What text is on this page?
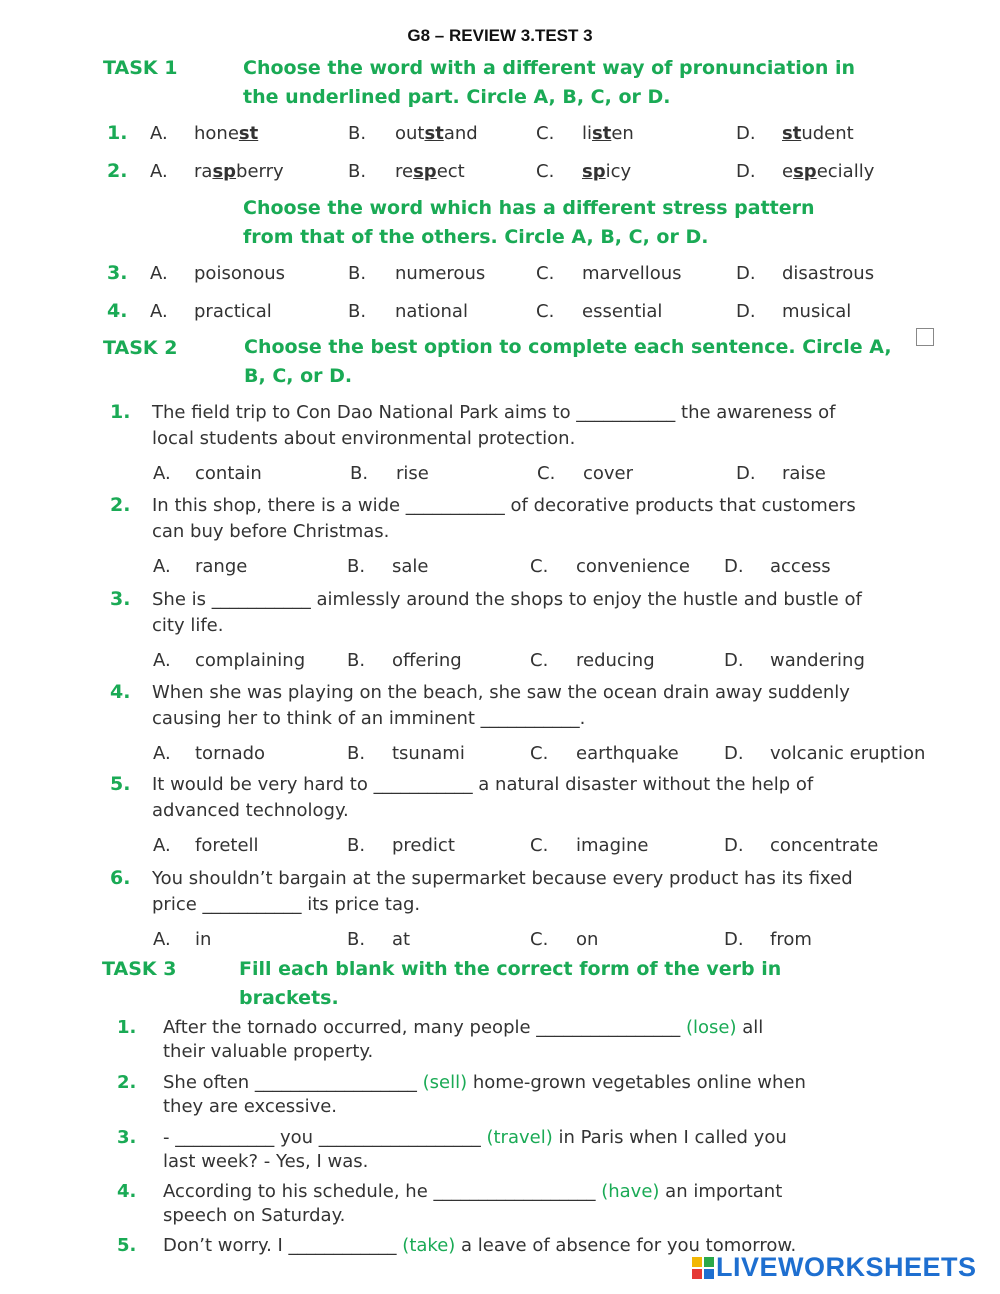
G8 – REVIEW 3.TEST 3
TASK 1	Choose the word with a different way of pronunciation in
the underlined part. Circle A, B, C, or D.
1. A. honest	B. outstand	C. listen	D. student
2. A. raspberry	B. respect	C. spicy	D. especially
Choose the word which has a different stress pattern
from that of the others. Circle A, B, C, or D.
3. A. poisonous	B. numerous	C. marvellous	D. disastrous
4. A. practical	B. national	C. essential	D. musical
TASK 2	Choose the best option to complete each sentence. Circle A,
B, C, or D.
1. The field trip to Con Dao National Park aims to ___________ the awareness of
local students about environmental protection.
A. contain	B. rise	C. cover	D. raise
2. In this shop, there is a wide ___________ of decorative products that customers
can buy before Christmas.
A. range	B. sale	C. convenience D. access
3. She is ___________ aimlessly around the shops to enjoy the hustle and bustle of
city life.
A. complaining B. offering	C. reducing	D. wandering
4. When she was playing on the beach, she saw the ocean drain away suddenly
causing her to think of an imminent ___________.
A. tornado	B. tsunami	C. earthquake	D. volcanic eruption
5. It would be very hard to ___________ a natural disaster without the help of
advanced technology.
A. foretell	B. predict	C. imagine	D. concentrate
6. You shouldn’t bargain at the supermarket because every product has its fixed
price ___________ its price tag.
A. in	B. at	C. on	D. from
TASK 3	Fill each blank with the correct form of the verb in
brackets.
1. After the tornado occurred, many people ________________ (lose) all
their valuable property.
2. She often __________________ (sell) home-grown vegetables online when
they are excessive.
3. - ___________ you __________________ (travel) in Paris when I called you
last week? - Yes, I was.
4. According to his schedule, he __________________ (have) an important
speech on Saturday.
5. Don’t worry. I ____________ (take) a leave of absence for you tomorrow.
LIVEWORKSHEETS
